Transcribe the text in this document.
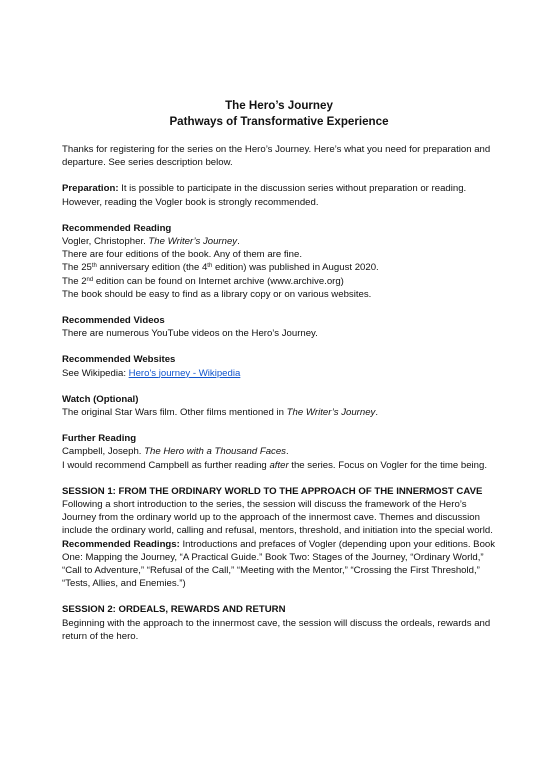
The Hero’s Journey
Pathways of Transformative Experience

Thanks for registering for the series on the Hero’s Journey. Here’s what you need for preparation and departure. See series description below.

Preparation: It is possible to participate in the discussion series without preparation or reading. However, reading the Vogler book is strongly recommended.

Recommended Reading

Vogler, Christopher. The Writer’s Journey.

There are four editions of the book. Any of them are fine.

The 25th anniversary edition (the 4th edition) was published in August 2020.

The 2nd edition can be found on Internet archive (www.archive.org)

The book should be easy to find as a library copy or on various websites.

Recommended Videos

There are numerous YouTube videos on the Hero’s Journey.

Recommended Websites

See Wikipedia: Hero's journey - Wikipedia

Watch (Optional)

The original Star Wars film. Other films mentioned in The Writer’s Journey.

Further Reading

Campbell, Joseph. The Hero with a Thousand Faces.

I would recommend Campbell as further reading after the series. Focus on Vogler for the time being.

SESSION 1: FROM THE ORDINARY WORLD TO THE APPROACH OF THE INNERMOST CAVE

Following a short introduction to the series, the session will discuss the framework of the Hero’s Journey from the ordinary world up to the approach of the innermost cave. Themes and discussion include the ordinary world, calling and refusal, mentors, threshold, and initiation into the special world.

Recommended Readings: Introductions and prefaces of Vogler (depending upon your editions. Book One: Mapping the Journey, “A Practical Guide.” Book Two: Stages of the Journey, “Ordinary World,” “Call to Adventure,” “Refusal of the Call,” “Meeting with the Mentor,” “Crossing the First Threshold,” “Tests, Allies, and Enemies.”)

SESSION 2: ORDEALS, REWARDS AND RETURN

Beginning with the approach to the innermost cave, the session will discuss the ordeals, rewards and return of the hero.
